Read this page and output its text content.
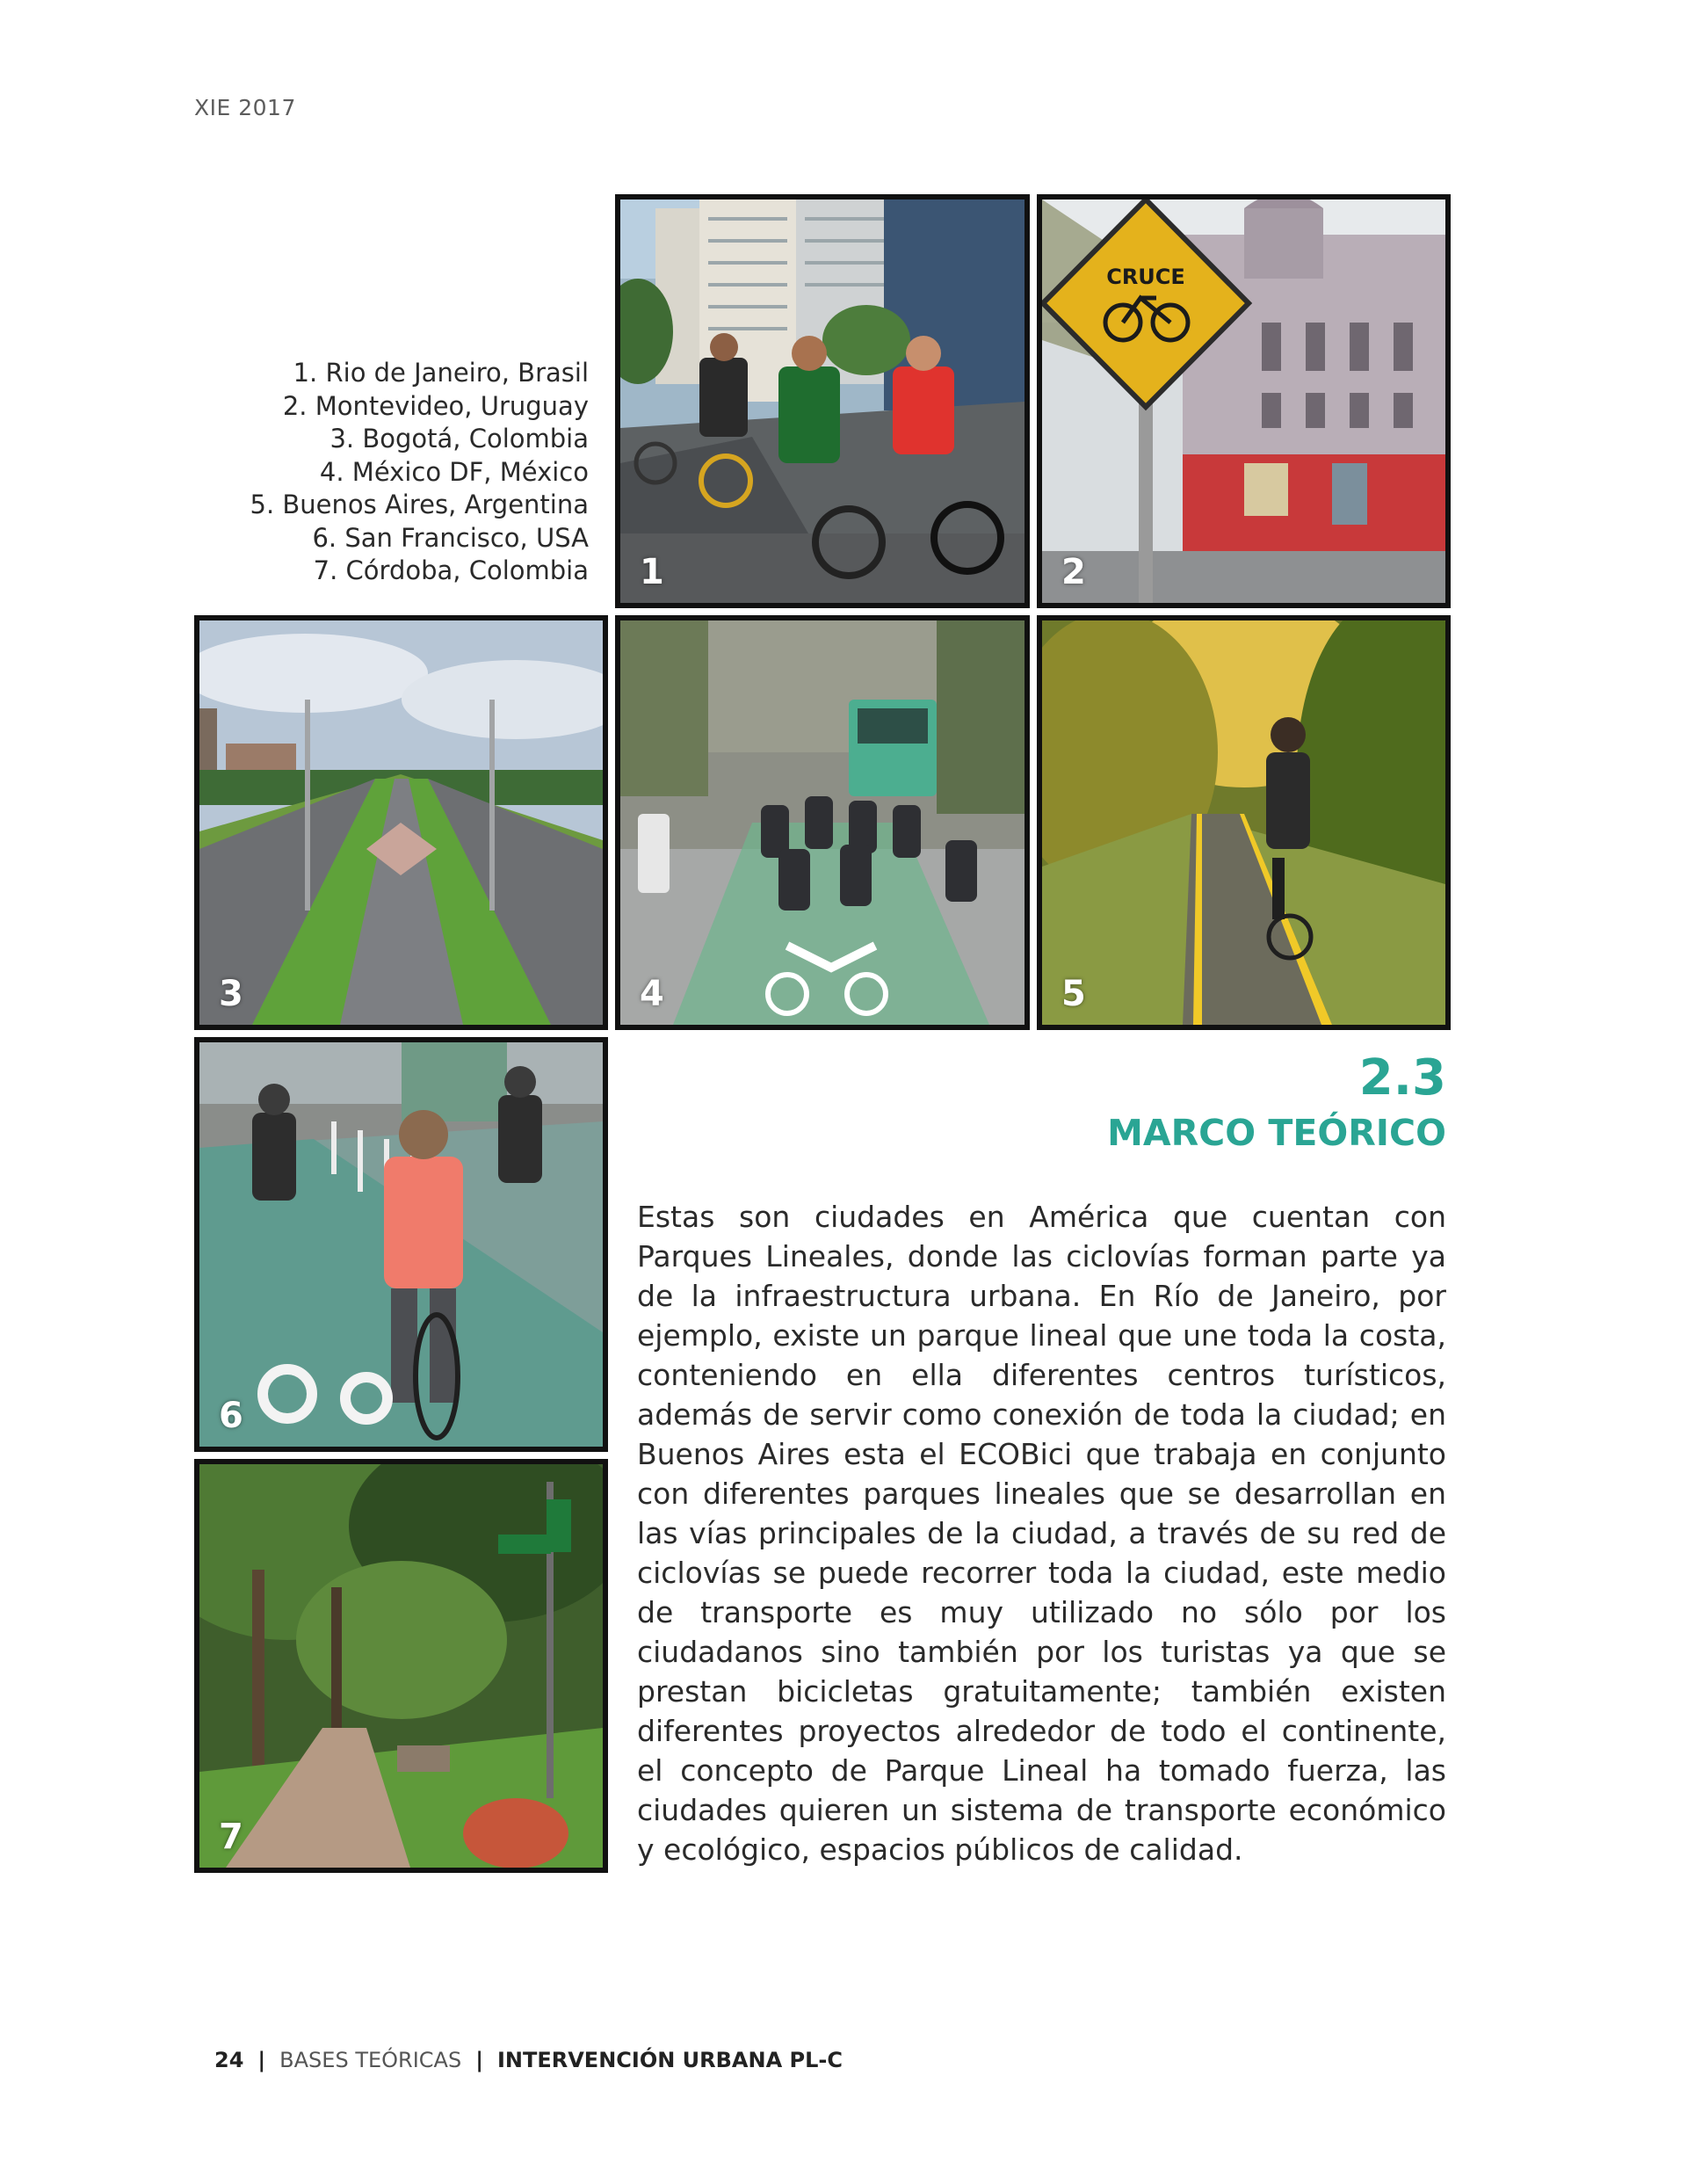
XIE 2017
1. Rio de Janeiro, Brasil
2. Montevideo, Uruguay
3. Bogotá, Colombia
4. México DF, México
5. Buenos Aires, Argentina
6. San Francisco, USA
7. Córdoba, Colombia 1
CRUCE
2
3	4	5
6
7
2.3
MARCO TEÓRICO

Estas son ciudades en América que cuentan con Parques Lineales, donde las ciclovías forman parte ya de la infraestructura urbana. En Río de Janeiro, por ejemplo, existe un parque lineal que une toda la costa, conteniendo en ella diferentes centros turísticos, además de servir como conexión de toda la ciudad; en Buenos Aires esta el ECOBici que trabaja en conjunto con diferentes parques lineales que se desarrollan en las vías principales de la ciudad, a través de su red de ciclovías se puede recorrer toda la ciudad, este medio de transporte es muy utilizado no sólo por los ciudadanos sino también por los turistas ya que se prestan bicicletas gratuitamente; también existen diferentes proyectos alrededor de todo el continente, el concepto de Parque Lineal ha tomado fuerza, las ciudades quieren un sistema de transporte económico y ecológico, espacios públicos de calidad.

24 | BASES TEÓRICAS | INTERVENCIÓN URBANA PL-C
